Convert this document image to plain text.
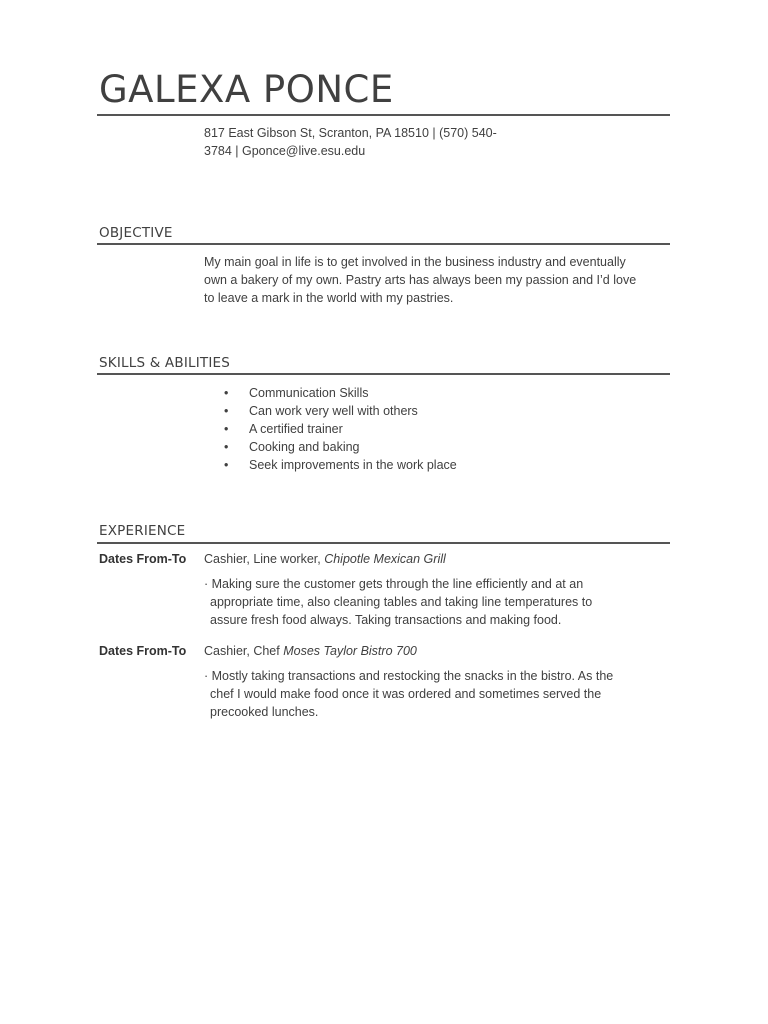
GALEXA PONCE
817 East Gibson St, Scranton, PA 18510 | (570) 540-3784 | Gponce@live.esu.edu
OBJECTIVE
My main goal in life is to get involved in the business industry and eventually own a bakery of my own. Pastry arts has always been my passion and I’d love to leave a mark in the world with my pastries.
SKILLS & ABILITIES
• Communication Skills
• Can work very well with others
• A certified trainer
• Cooking and baking
• Seek improvements in the work place
EXPERIENCE
Dates From-To Cashier, Line worker, Chipotle Mexican Grill
· Making sure the customer gets through the line efficiently and at an appropriate time, also cleaning tables and taking line temperatures to assure fresh food always. Taking transactions and making food.
Dates From-To Cashier, Chef Moses Taylor Bistro 700
· Mostly taking transactions and restocking the snacks in the bistro. As the chef I would make food once it was ordered and sometimes served the precooked lunches.
